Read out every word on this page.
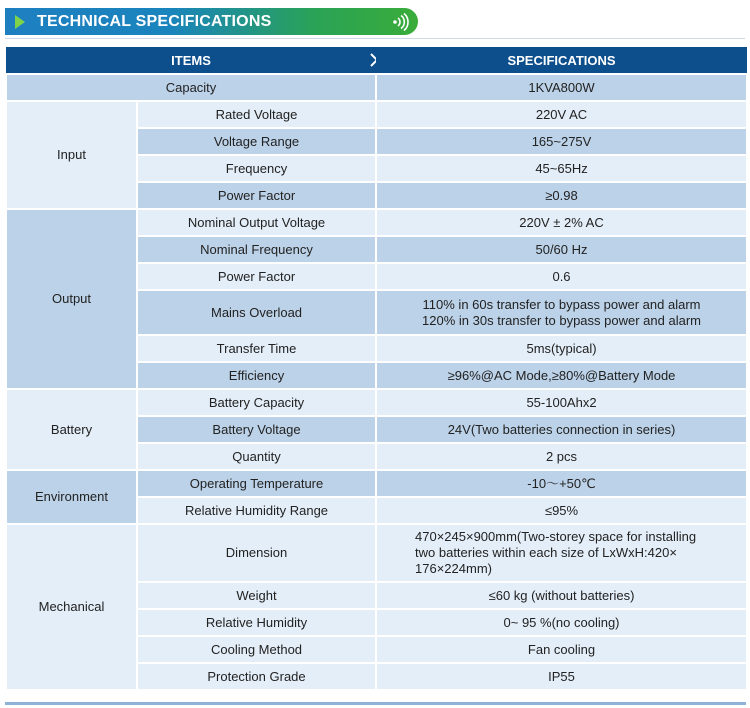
TECHNICAL SPECIFICATIONS
ITEMS		SPECIFICATIONS
Capacity		1KVA800W
Input	Rated Voltage	220V AC
	Voltage Range	165~275V
	Frequency	45~65Hz
	Power Factor	≥0.98
Output	Nominal Output Voltage	220V ± 2% AC
	Nominal Frequency	50/60 Hz
	Power Factor	0.6
	Mains Overload	110% in 60s transfer to bypass power and alarm
120% in 30s transfer to bypass power and alarm

	Transfer Time	5ms(typical)
	Efficiency	≥96%@AC Mode,≥80%@Battery Mode
Battery	Battery Capacity	55-100Ahx2
	Battery Voltage	24V(Two batteries connection in series)
	Quantity	2 pcs
Environment	Operating Temperature	-10～+50℃
	Relative Humidity Range	≤95%
Mechanical	Dimension	470×245×900mm(Two-storey space for installing
two batteries within each size of LxWxH:420×
176×224mm)

	Weight	≤60 kg (without batteries)
	Relative Humidity	0~ 95 %(no cooling)
	Cooling Method	Fan cooling
	Protection Grade	IP55
